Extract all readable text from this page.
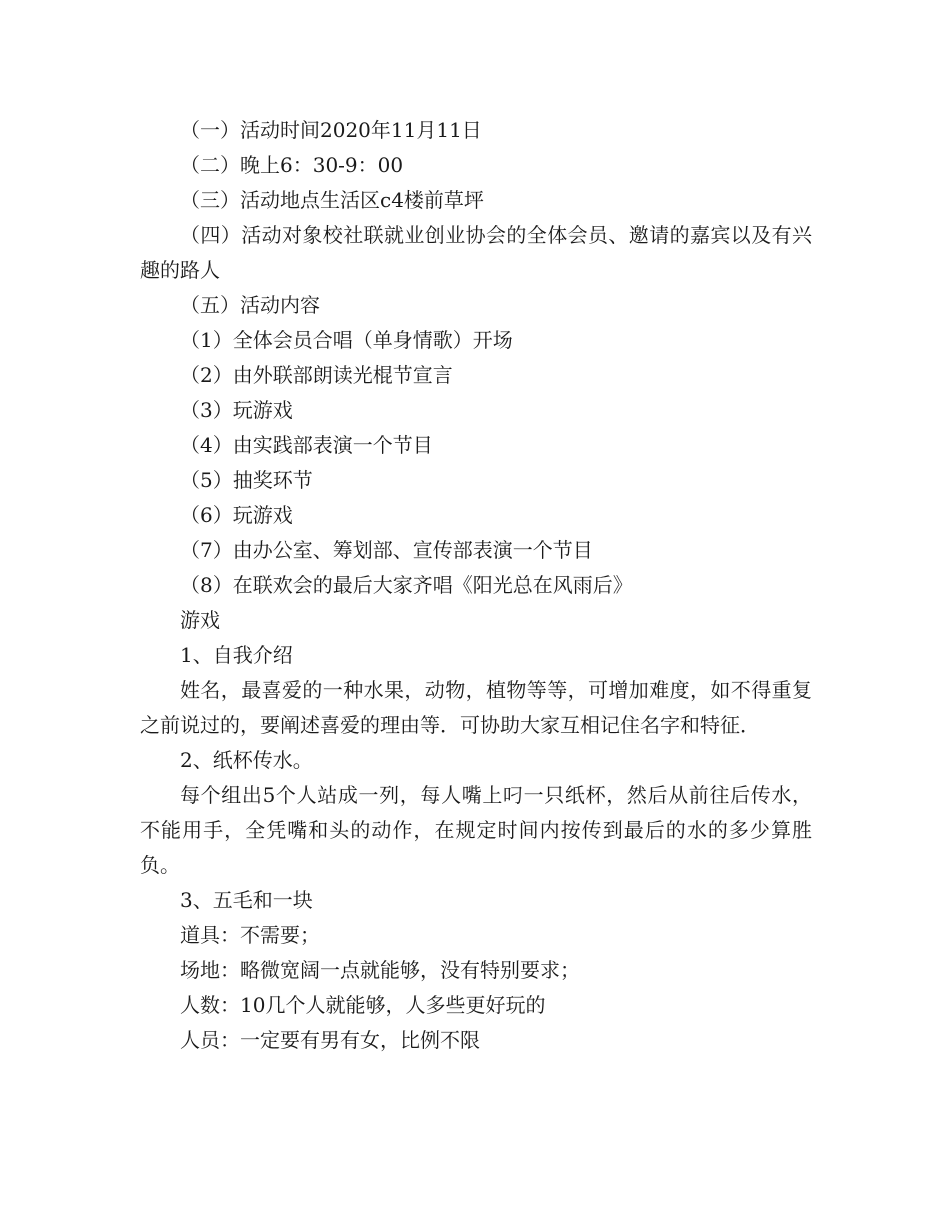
（一）活动时间2020年11月11日

（二）晚上6：30-9：00

（三）活动地点生活区c4楼前草坪

（四）活动对象校社联就业创业协会的全体会员、邀请的嘉宾以及有兴趣的路人

（五）活动内容

（1）全体会员合唱（单身情歌）开场

（2）由外联部朗读光棍节宣言

（3）玩游戏

（4）由实践部表演一个节目

（5）抽奖环节

（6）玩游戏

（7）由办公室、筹划部、宣传部表演一个节目

（8）在联欢会的最后大家齐唱《阳光总在风雨后》

游戏

1、自我介绍

姓名，最喜爱的一种水果，动物，植物等等，可增加难度，如不得重复之前说过的，要阐述喜爱的理由等．可协助大家互相记住名字和特征．

2、纸杯传水。

每个组出5个人站成一列，每人嘴上叼一只纸杯，然后从前往后传水，不能用手，全凭嘴和头的动作，在规定时间内按传到最后的水的多少算胜负。

3、五毛和一块

道具：不需要；

场地：略微宽阔一点就能够，没有特别要求；

人数：10几个人就能够，人多些更好玩的

人员：一定要有男有女，比例不限
